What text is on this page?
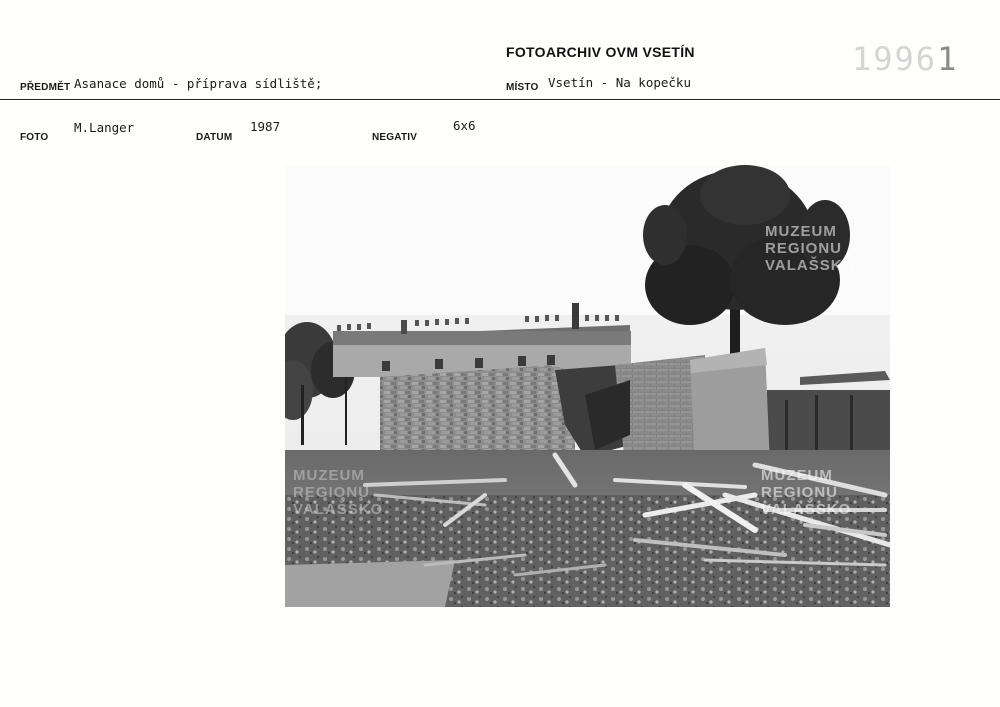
FOTOARCHIV OVM VSETÍN	19961
PŘEDMĚT Asanace domů - příprava sídliště;	MÍSTO Vsetín - Na kopečku
FOTO
M.Langer
DATUM
1987
NEGATIV
6x6
MUZEUM
REGIONU
VALAŠSKO
MUZEUM
REGIONU
VALAŠSKO
MUZEUM
REGIONU
VALAŠSKO
